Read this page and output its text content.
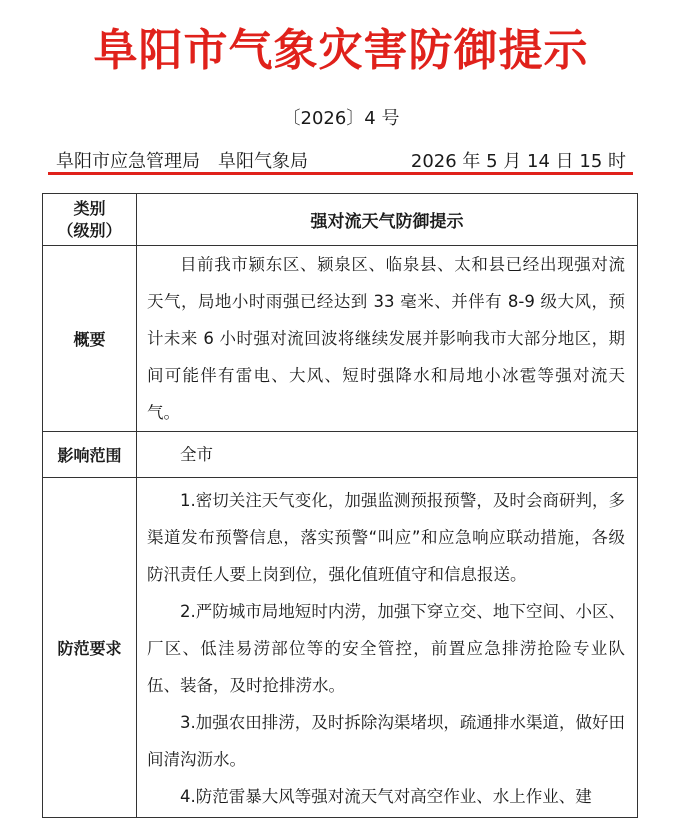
阜阳市气象灾害防御提示
〔2026〕4 号
阜阳市应急管理局　阜阳气象局	2026 年 5 月 14 日 15 时
类别
（级别）	强对流天气防御提示
概要	目前我市颍东区、颍泉区、临泉县、太和县已经出现强对流天气，局地小时雨强已经达到 33 毫米、并伴有 8-9 级大风，预计未来 6 小时强对流回波将继续发展并影响我市大部分地区，期间可能伴有雷电、大风、短时强降水和局地小冰雹等强对流天气。

影响范围	全市

防范要求	1.密切关注天气变化，加强监测预报预警，及时会商研判，多渠道发布预警信息，落实预警“叫应”和应急响应联动措施，各级防汛责任人要上岗到位，强化值班值守和信息报送。

2.严防城市局地短时内涝，加强下穿立交、地下空间、小区、厂区、低洼易涝部位等的安全管控，前置应急排涝抢险专业队伍、装备，及时抢排涝水。

3.加强农田排涝，及时拆除沟渠堵坝，疏通排水渠道，做好田间清沟沥水。

4.防范雷暴大风等强对流天气对高空作业、水上作业、建
